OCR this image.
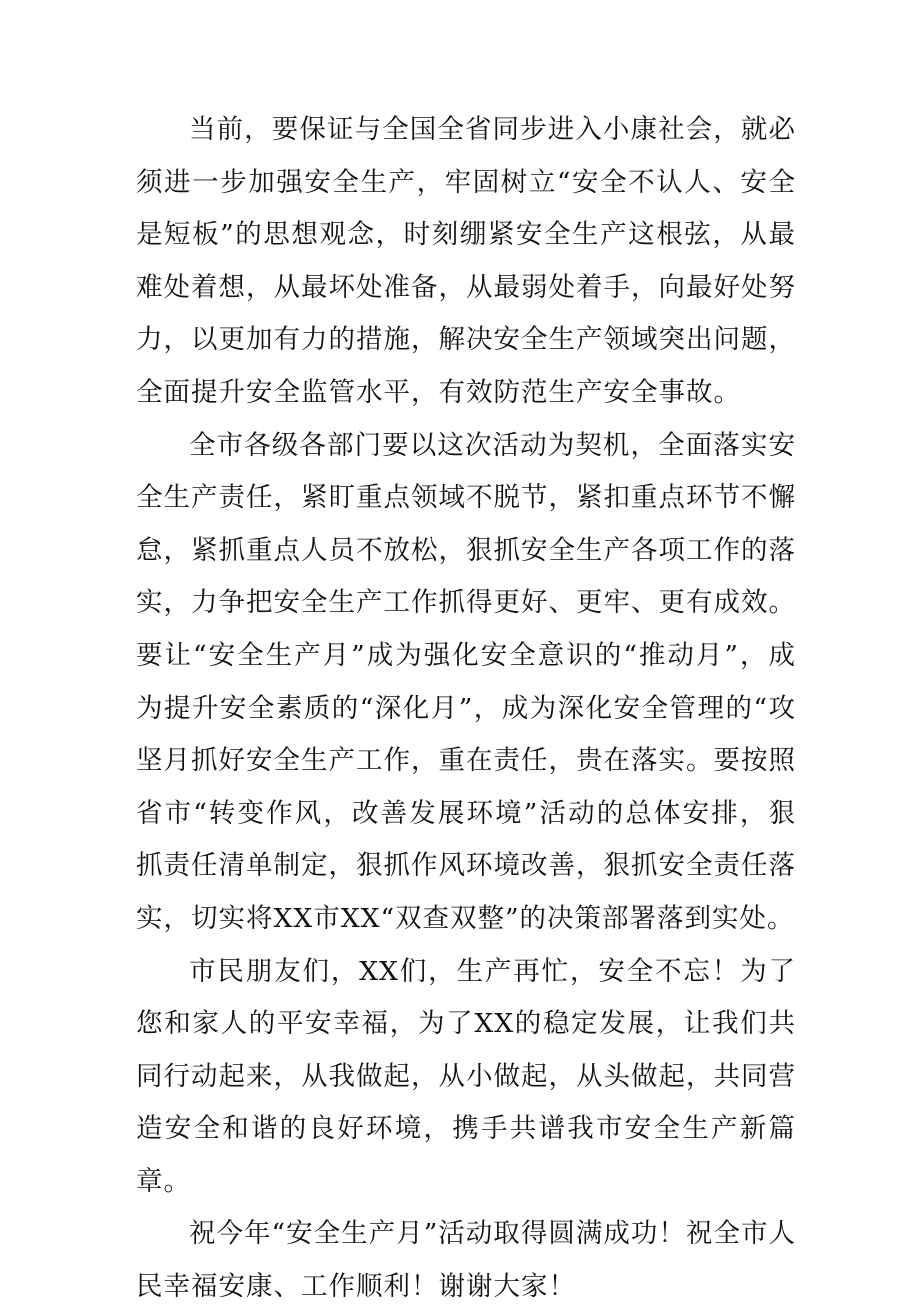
当前，要保证与全国全省同步进入小康社会，就必须进一步加强安全生产，牢固树立“安全不认人、安全是短板”的思想观念，时刻绷紧安全生产这根弦，从最难处着想，从最坏处准备，从最弱处着手，向最好处努力，以更加有力的措施，解决安全生产领域突出问题，全面提升安全监管水平，有效防范生产安全事故。

全市各级各部门要以这次活动为契机，全面落实安全生产责任，紧盯重点领域不脱节，紧扣重点环节不懈怠，紧抓重点人员不放松，狠抓安全生产各项工作的落实，力争把安全生产工作抓得更好、更牢、更有成效。要让“安全生产月”成为强化安全意识的“推动月”，成为提升安全素质的“深化月”，成为深化安全管理的“攻坚月抓好安全生产工作，重在责任，贵在落实。要按照省市“转变作风，改善发展环境”活动的总体安排，狠抓责任清单制定，狠抓作风环境改善，狠抓安全责任落实，切实将XX市XX“双查双整”的决策部署落到实处。

市民朋友们，XX们，生产再忙，安全不忘！为了您和家人的平安幸福，为了XX的稳定发展，让我们共同行动起来，从我做起，从小做起，从头做起，共同营造安全和谐的良好环境，携手共谱我市安全生产新篇章。

祝今年“安全生产月”活动取得圆满成功！祝全市人民幸福安康、工作顺利！谢谢大家！
